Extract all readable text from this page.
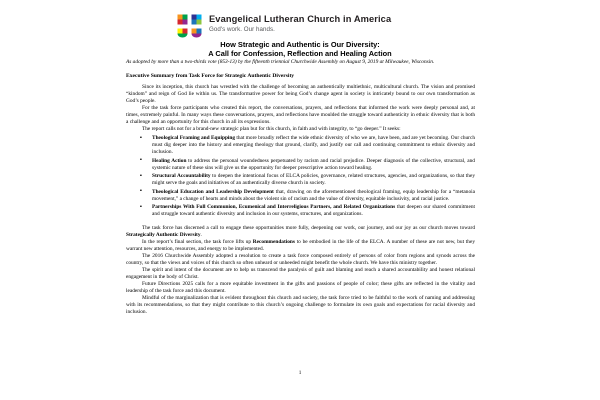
Evangelical Lutheran Church in America
God's work. Our hands.
How Strategic and Authentic is Our Diversity:
A Call for Confession, Reflection and Healing Action

As adopted by more than a two-thirds vote (853-13) by the fifteenth triennial Churchwide Assembly on August 9, 2019 at Milwaukee, Wisconsin.

Executive Summary from Task Force for Strategic Authentic Diversity

Since its inception, this church has wrestled with the challenge of becoming an authentically multiethnic, multicultural church. The vision and promised “kindom” and reign of God lie within us. The transformative power for being God’s change agent in society is intricately bound to our own transformation as God’s people.

For the task force participants who created this report, the conversations, prayers, and reflections that informed the work were deeply personal and, at times, extremely painful. In many ways these conversations, prayers, and reflections have moulded the struggle toward authenticity in ethnic diversity that is both a challenge and an opportunity for this church in all its expressions.

The report calls not for a brand-new strategic plan but for this church, in faith and with integrity, to “go deeper.” It seeks:

▪ Theological Framing and Equipping that more broadly reflect the wide ethnic diversity of who we are, have been, and are yet becoming. Our church must dig deeper into the history and emerging theology that ground, clarify, and justify our call and continuing commitment to ethnic diversity and inclusion.
▪ Healing Action to address the personal woundedness perpetuated by racism and racial prejudice. Deeper diagnosis of the collective, structural, and systemic nature of these sins will give us the opportunity for deeper prescriptive action toward healing.
▪ Structural Accountability to deepen the intentional focus of ELCA policies, governance, related structures, agencies, and organizations, so that they might serve the goals and initiatives of an authentically diverse church in society.
▪ Theological Education and Leadership Development that, drawing on the aforementioned theological framing, equip leadership for a “metanoia movement,” a change of hearts and minds about the violent sin of racism and the value of diversity, equitable inclusivity, and racial justice.
▪ Partnerships With Full Communion, Ecumenical and Interreligious Partners, and Related Organizations that deepen our shared commitment and struggle toward authentic diversity and inclusion in our systems, structures, and organizations.

The task force has discerned a call to engage these opportunities more fully, deepening our work, our journey, and our joy as our church moves toward Strategically Authentic Diversity.

In the report’s final section, the task force lifts up Recommendations to be embodied in the life of the ELCA. A number of these are not new, but they warrant new attention, resources, and energy to be implemented.

The 2016 Churchwide Assembly adopted a resolution to create a task force composed entirely of persons of color from regions and synods across the country, so that the views and voices of this church so often unheard or unheeded might benefit the whole church. We have this ministry together.

The spirit and intent of the document are to help us transcend the paralysis of guilt and blaming and reach a shared accountability and honest relational engagement in the body of Christ.

Future Directions 2025 calls for a more equitable investment in the gifts and passions of people of color; these gifts are reflected in the vitality and leadership of the task force and this document.

Mindful of the marginalization that is evident throughout this church and society, the task force tried to be faithful to the work of naming and addressing with its recommendations, so that they might contribute to this church’s ongoing challenge to formulate its own goals and expectations for racial diversity and inclusion.

1
